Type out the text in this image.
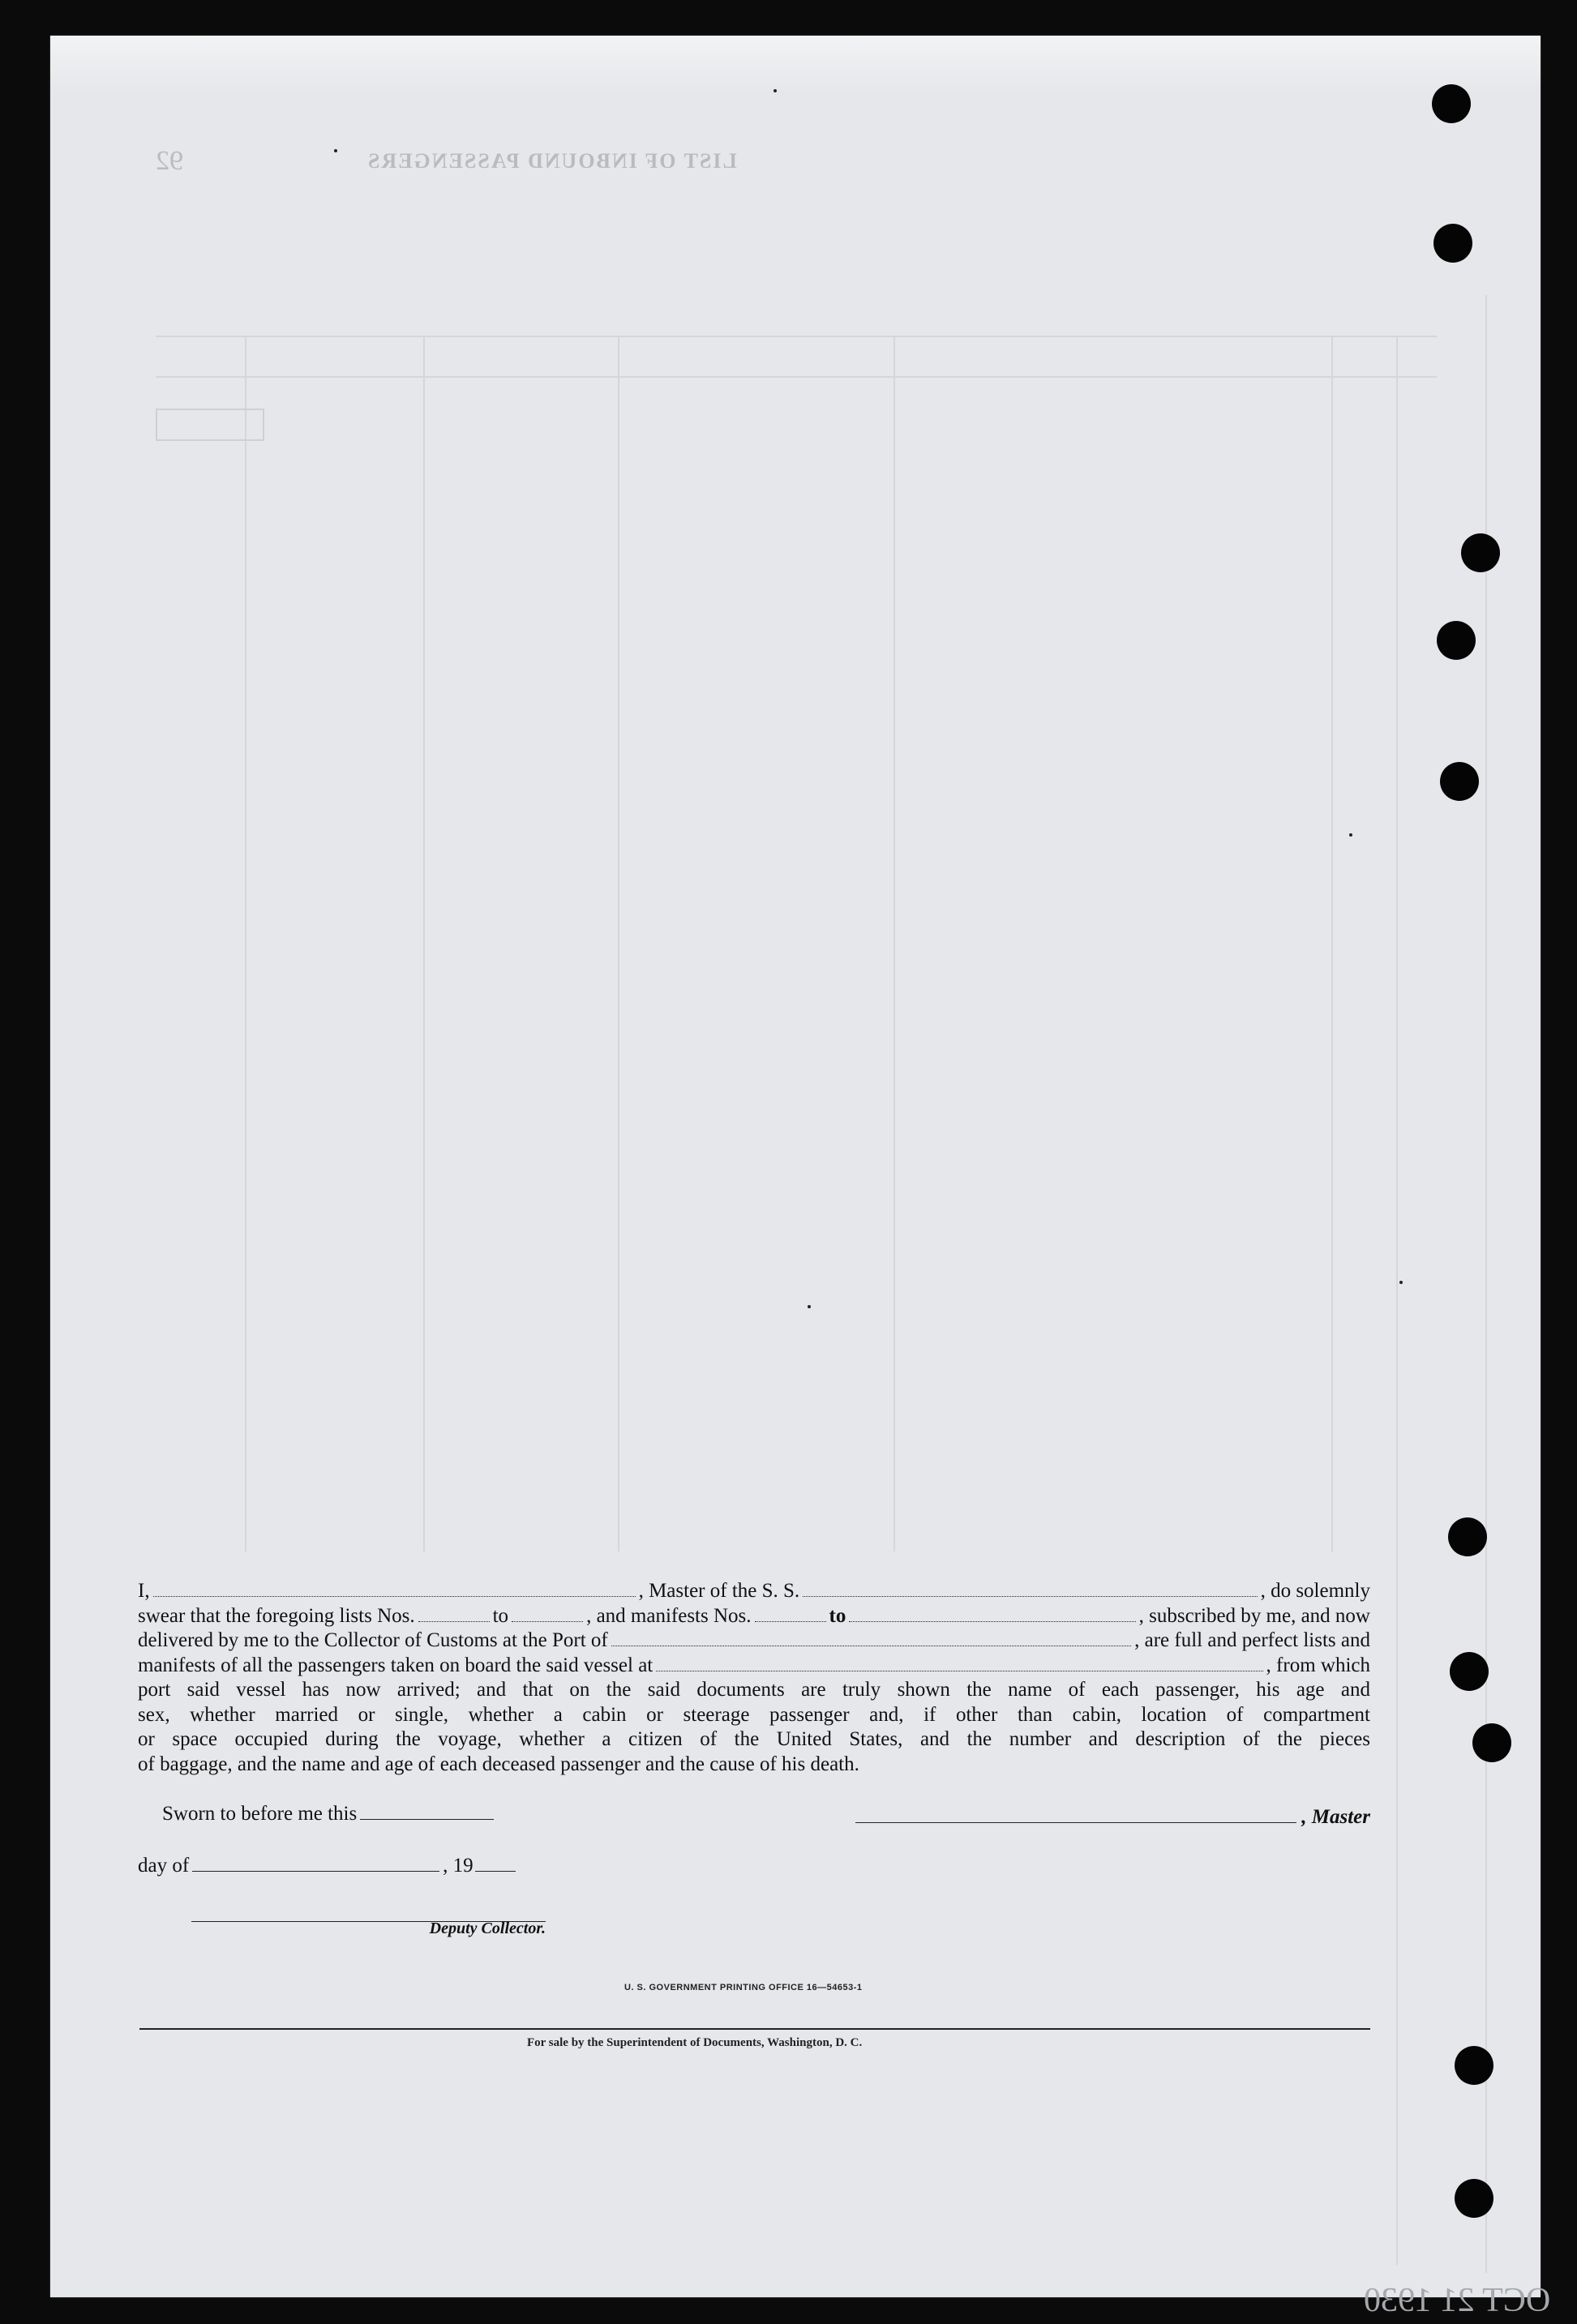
92	LIST OF INBOUND PASSENGERS
OCT 21 1930
I,	, Master of the S. S.	, do solemnly
swear that the foregoing lists Nos.	to	, and manifests Nos.	to	, subscribed by me, and now
delivered by me to the Collector of Customs at the Port of	, are full and perfect lists and
manifests of all the passengers taken on board the said vessel at	, from which
port said vessel has now arrived; and that on the said documents are truly shown the name of each passenger, his age and
sex, whether married or single, whether a cabin or steerage passenger and, if other than cabin, location of compartment
or space occupied during the voyage, whether a citizen of the United States, and the number and description of the pieces
of baggage, and the name and age of each deceased passenger and the cause of his death.
Sworn to before me this	, Master
day of	, 19
Deputy Collector.
U. S. GOVERNMENT PRINTING OFFICE 16—54653-1
For sale by the Superintendent of Documents, Washington, D. C.
